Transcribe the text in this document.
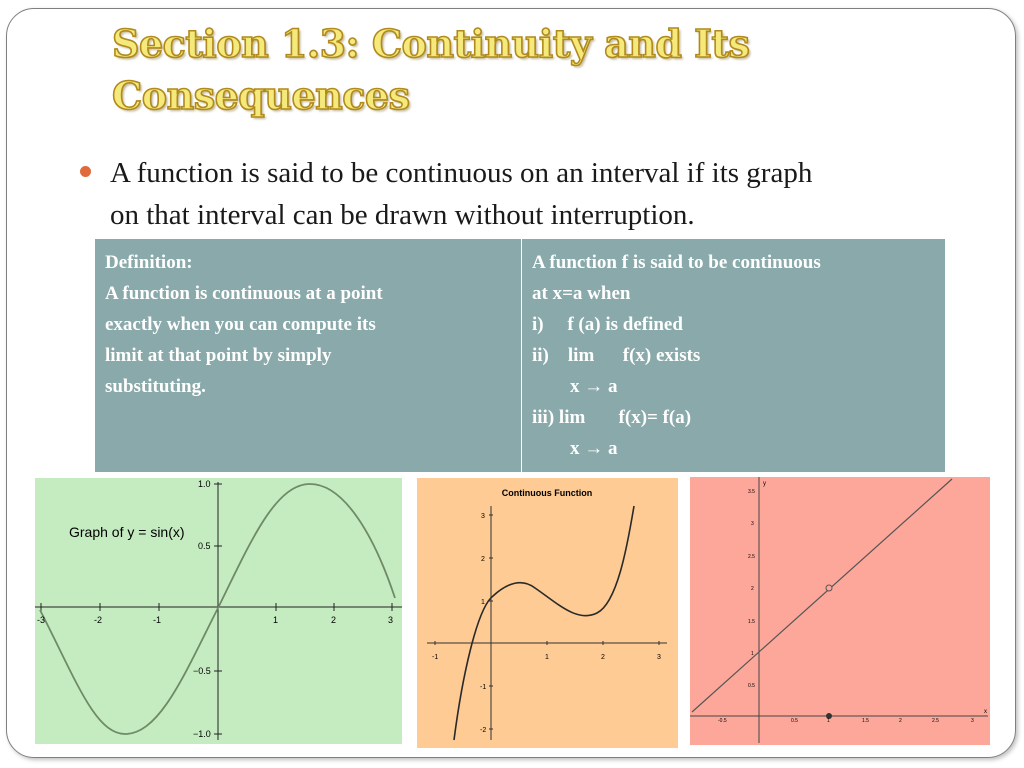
Section 1.3: Continuity and Its
Consequences
A function is said to be continuous on an interval if its graph
on that interval can be drawn without interruption.
Definition:
A function is continuous at a point
exactly when you can compute its
limit at that point by simply
substituting.

A function f is said to be continuous
at x=a when
i)     f (a) is defined
ii)    lim      f(x) exists
x → a
iii) lim       f(x)= f(a)
x → a
-3	-2	-1	1	2	3
1.0
0.5
−0.5
−1.0
Graph of y = sin(x)
Continuous Function
-1	1	2	3
3
2
1
-1
-2
x
y
-0.5	0.5	1	1.5	2	2.5	3
3.5
3
2.5
2
1.5
1
0.5
